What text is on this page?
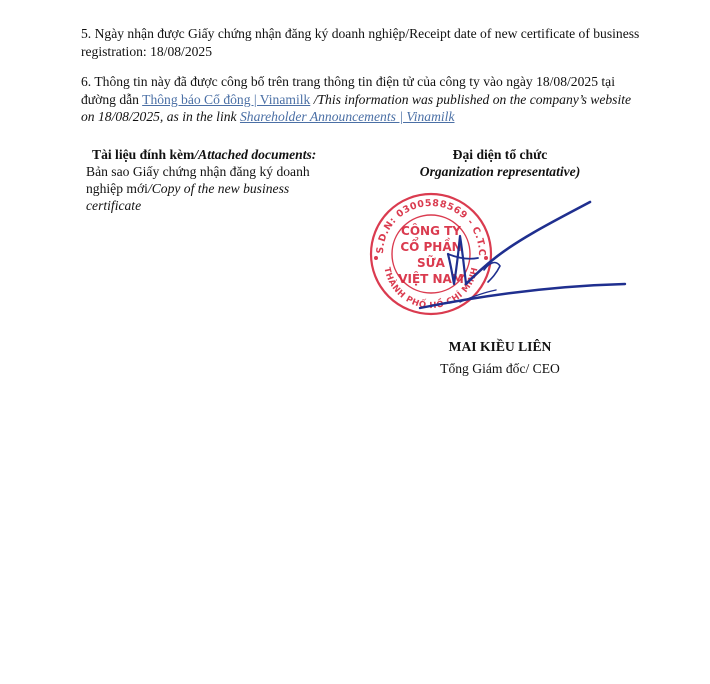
5. Ngày nhận được Giấy chứng nhận đăng ký doanh nghiệp/Receipt date of new certificate of business registration: 18/08/2025
6. Thông tin này đã được công bố trên trang thông tin điện tử của công ty vào ngày 18/08/2025 tại đường dẫn Thông báo Cổ đông | Vinamilk /This information was published on the company’s website on 18/08/2025, as in the link Shareholder Announcements | Vinamilk
Tài liệu đính kèm/Attached documents:
Bản sao Giấy chứng nhận đăng ký doanh nghiệp mới/Copy of the new business certificate
Đại diện tổ chức
Organization representative)
S.D.N: 0300588569 - C.T.C
THÀNH PHỐ HỒ CHÍ MINH
CÔNG TY
CỔ PHẦN
SỮA
VIỆT NAM
MAI KIỀU LIÊN
Tổng Giám đốc/ CEO
